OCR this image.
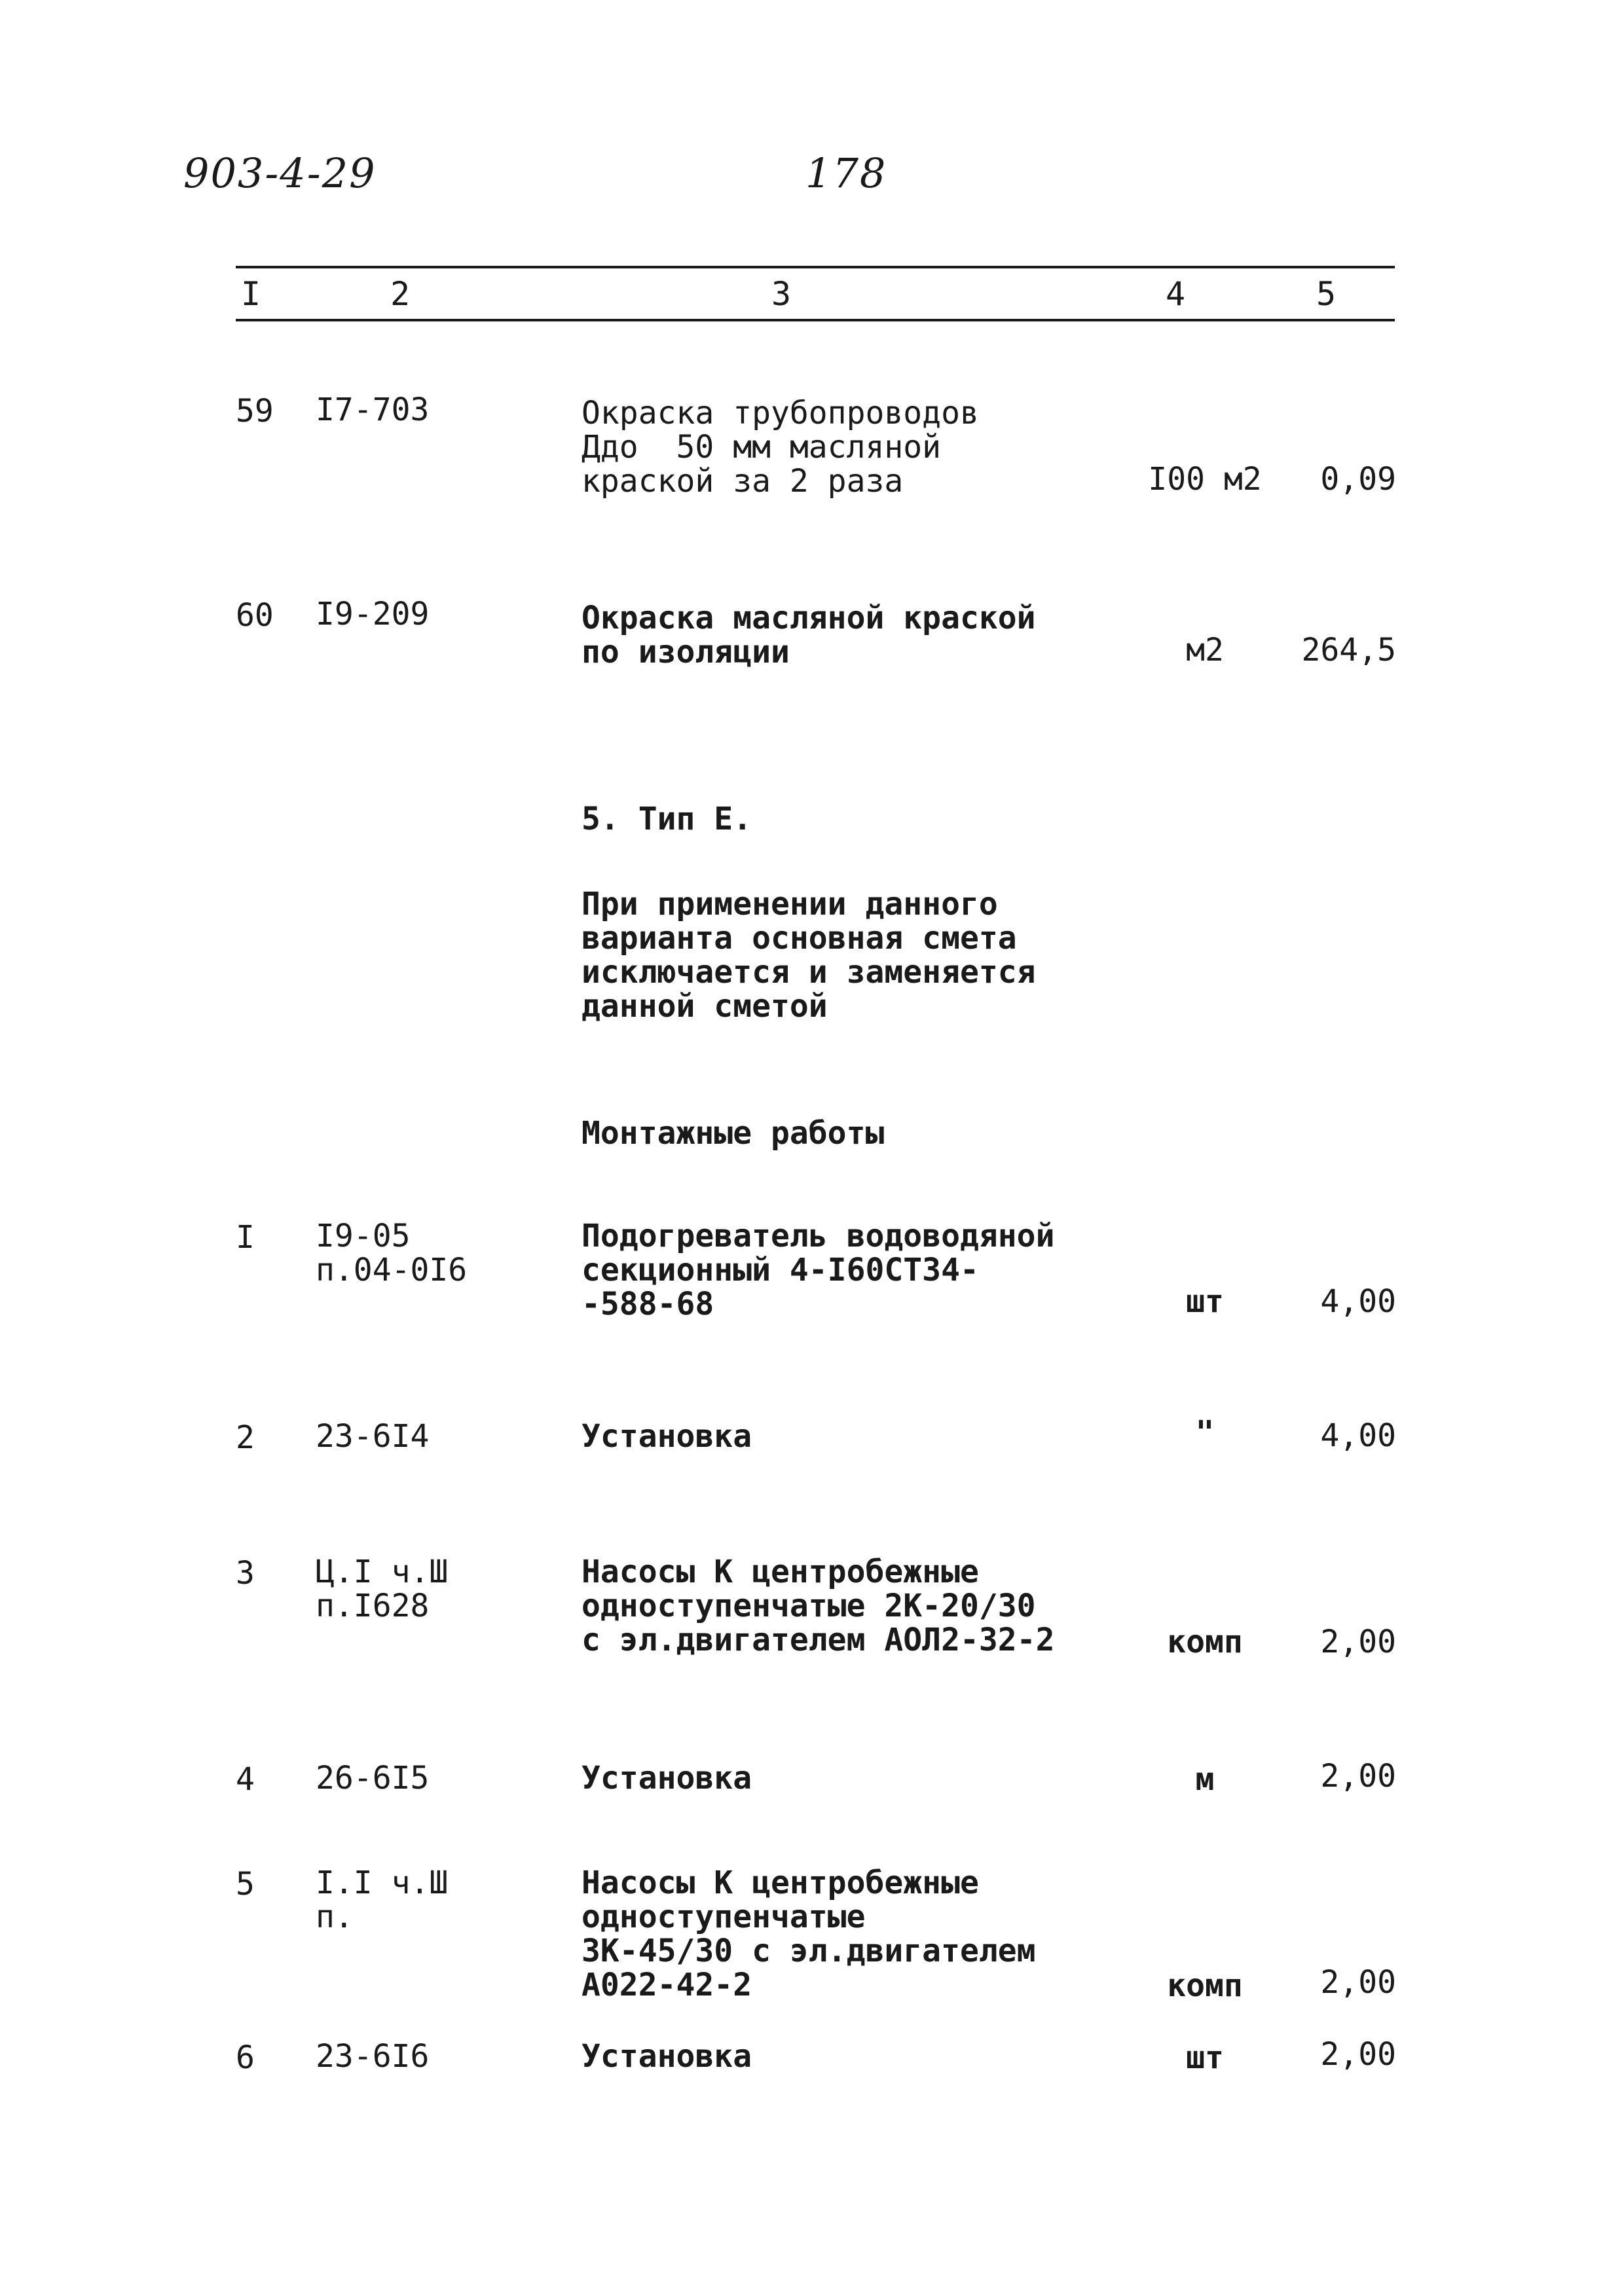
903-4-29	178
I	2	3	4	5
59 I7-703	Окраска трубопроводов
Ддо  50 мм масляной
краской за 2 раза	I00 м2	0,09
60 I9-209	Окраска масляной краской
по изоляции	м2	264,5
5. Тип Е.
При применении данного
варианта основная смета
исключается и заменяется
данной сметой
Монтажные работы
I I9-05
п.04-0I6
Подогреватель водоводяной
секционный 4-I60СТ34-
-588-68	шт	4,00
2 23-6I4	Установка	"	4,00
3 Ц.I ч.Ш
п.I628
Насосы К центробежные
одноступенчатые 2К-20/30
с эл.двигателем АОЛ2-32-2	комп	2,00
4 26-6I5	Установка	м	2,00
5 I.I ч.Ш
п.
Насосы К центробежные
одноступенчатые
3К-45/30 с эл.двигателем
А022-42-2	комп	2,00
6 23-6I6	Установка	шт	2,00
